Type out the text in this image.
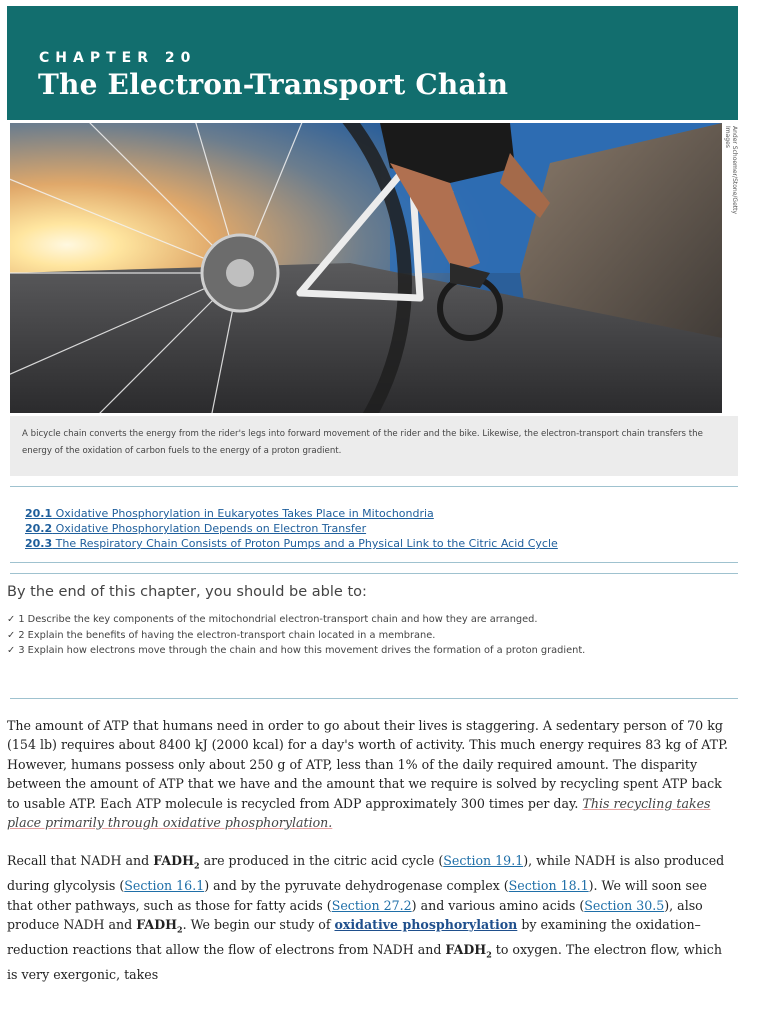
CHAPTER 20
The Electron-Transport Chain
Ander Schoemer/Stone/Getty Images
A bicycle chain converts the energy from the rider's legs into forward movement of the rider and the bike. Likewise, the electron-transport chain transfers the energy of the oxidation of carbon fuels to the energy of a proton gradient.
20.1 Oxidative Phosphorylation in Eukaryotes Takes Place in Mitochondria
20.2 Oxidative Phosphorylation Depends on Electron Transfer
20.3 The Respiratory Chain Consists of Proton Pumps and a Physical Link to the Citric Acid Cycle
By the end of this chapter, you should be able to:

✓ 1 Describe the key components of the mitochondrial electron-transport chain and how they are arranged.

✓ 2 Explain the benefits of having the electron-transport chain located in a membrane.

✓ 3 Explain how electrons move through the chain and how this movement drives the formation of a proton gradient.

The amount of ATP that humans need in order to go about their lives is staggering. A sedentary person of 70 kg (154 lb) requires about 8400 kJ (2000 kcal) for a day's worth of activity. This much energy requires 83 kg of ATP. However, humans possess only about 250 g of ATP, less than 1% of the daily required amount. The disparity between the amount of ATP that we have and the amount that we require is solved by recycling spent ATP back to usable ATP. Each ATP molecule is recycled from ADP approximately 300 times per day. This recycling takes place primarily through oxidative phosphorylation.

Recall that NADH and $FADH_2$ are produced in the citric acid cycle (Section 19.1), while NADH is also produced during glycolysis (Section 16.1) and by the pyruvate dehydrogenase complex (Section 18.1). We will soon see that other pathways, such as those for fatty acids (Section 27.2) and various amino acids (Section 30.5), also produce NADH and $FADH_2$. We begin our study of oxidative phosphorylation by examining the oxidation–reduction reactions that allow the flow of electrons from NADH and $FADH_2$ to oxygen. The electron flow, which is very exergonic, takes
